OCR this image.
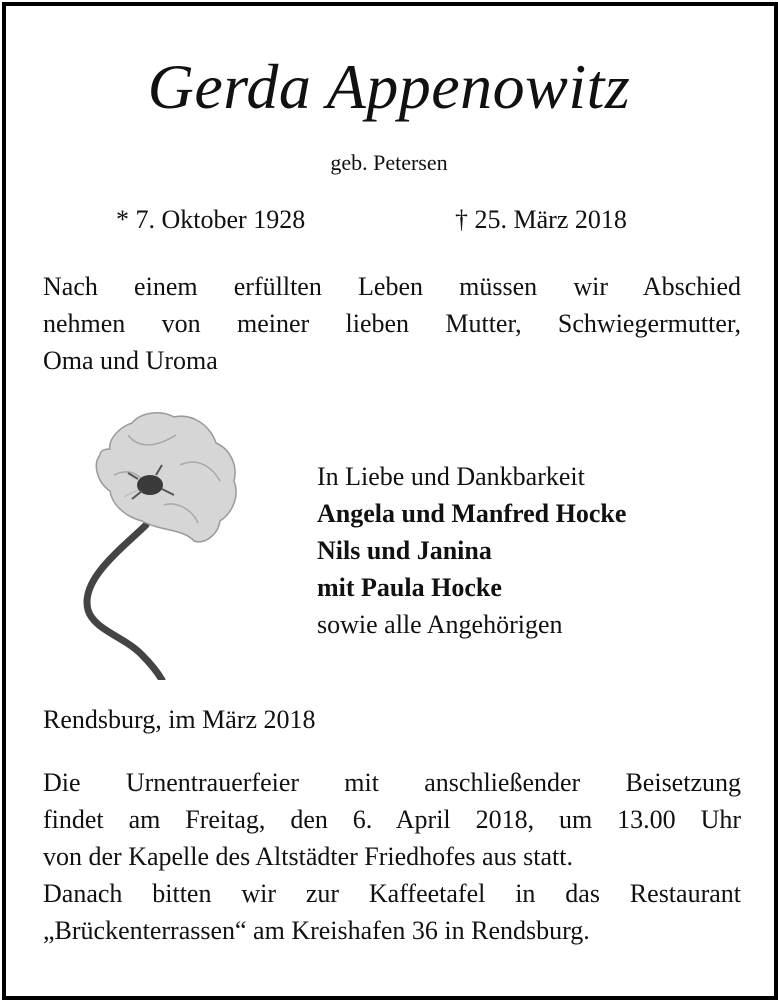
Gerda Appenowitz
geb. Petersen
* 7. Oktober 1928	† 25. März 2018
Nach einem erfüllten Leben müssen wir Abschied
nehmen von meiner lieben Mutter, Schwiegermutter,
Oma und Uroma
In Liebe und Dankbarkeit
Angela und Manfred Hocke
Nils und Janina
mit Paula Hocke
sowie alle Angehörigen
Rendsburg, im März 2018
Die Urnentrauerfeier mit anschließender Beisetzung
findet am Freitag, den 6. April 2018, um 13.00 Uhr
von der Kapelle des Altstädter Friedhofes aus statt.
Danach bitten wir zur Kaffeetafel in das Restaurant
„Brückenterrassen“ am Kreishafen 36 in Rendsburg.
